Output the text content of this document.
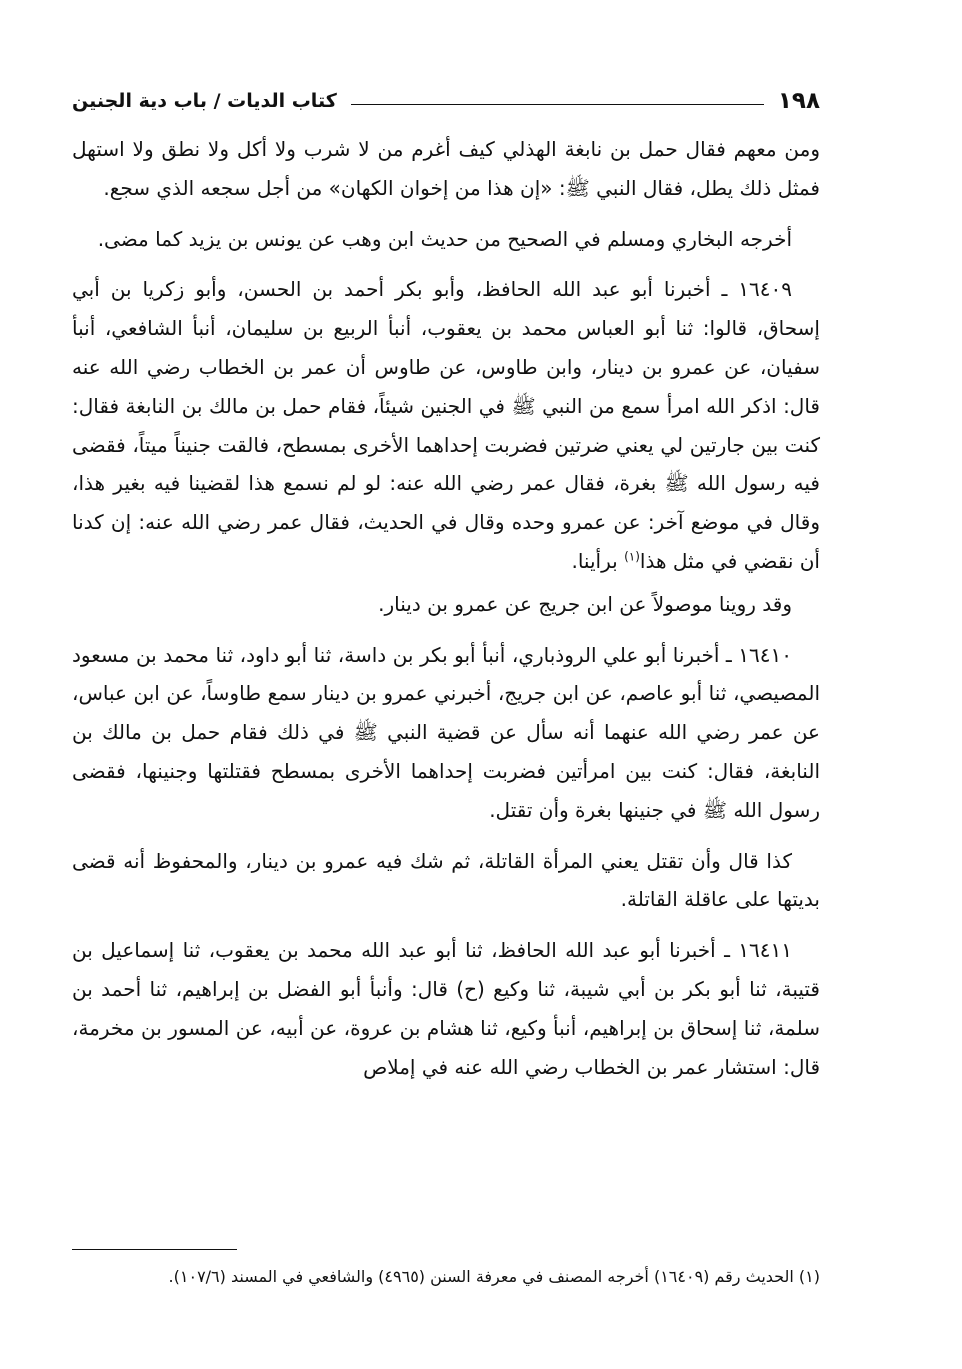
١٩٨
كتاب الديات / باب دية الجنين

ومن معهم فقال حمل بن نابغة الهذلي كيف أغرم من لا شرب ولا أكل ولا نطق ولا استهل فمثل ذلك يطل، فقال النبي ﷺ: «إن هذا من إخوان الكهان» من أجل سجعه الذي سجع.

أخرجه البخاري ومسلم في الصحيح من حديث ابن وهب عن يونس بن يزيد كما مضى.

١٦٤٠٩ ـ أخبرنا أبو عبد الله الحافظ، وأبو بكر أحمد بن الحسن، وأبو زكريا بن أبي إسحاق، قالوا: ثنا أبو العباس محمد بن يعقوب، أنبأ الربيع بن سليمان، أنبأ الشافعي، أنبأ سفيان، عن عمرو بن دينار، وابن طاوس، عن طاوس أن عمر بن الخطاب رضي الله عنه قال: اذكر الله امرأ سمع من النبي ﷺ في الجنين شيئاً، فقام حمل بن مالك بن النابغة فقال: كنت بين جارتين لي يعني ضرتين فضربت إحداهما الأخرى بمسطح، فالقت جنيناً ميتاً، فقضى فيه رسول الله ﷺ بغرة، فقال عمر رضي الله عنه: لو لم نسمع هذا لقضينا فيه بغير هذا، وقال في موضع آخر: عن عمرو وحده وقال في الحديث، فقال عمر رضي الله عنه: إن كدنا أن نقضي في مثل هذا$^{(١)}$ برأينا.

وقد روينا موصولاً عن ابن جريج عن عمرو بن دينار.

١٦٤١٠ ـ أخبرنا أبو علي الروذباري، أنبأ أبو بكر بن داسة، ثنا أبو داود، ثنا محمد بن مسعود المصيصي، ثنا أبو عاصم، عن ابن جريج، أخبرني عمرو بن دينار سمع طاوساً، عن ابن عباس، عن عمر رضي الله عنهما أنه سأل عن قضية النبي ﷺ في ذلك فقام حمل بن مالك بن النابغة، فقال: كنت بين امرأتين فضربت إحداهما الأخرى بمسطح فقتلتها وجنينها، فقضى رسول الله ﷺ في جنينها بغرة وأن تقتل.

كذا قال وأن تقتل يعني المرأة القاتلة، ثم شك فيه عمرو بن دينار، والمحفوظ أنه قضى بديتها على عاقلة القاتلة.

١٦٤١١ ـ أخبرنا أبو عبد الله الحافظ، ثنا أبو عبد الله محمد بن يعقوب، ثنا إسماعيل بن قتيبة، ثنا أبو بكر بن أبي شيبة، ثنا وكيع (ح) قال: وأنبأ أبو الفضل بن إبراهيم، ثنا أحمد بن سلمة، ثنا إسحاق بن إبراهيم، أنبأ وكيع، ثنا هشام بن عروة، عن أبيه، عن المسور بن مخرمة، قال: استشار عمر بن الخطاب رضي الله عنه في إملاص

(١) الحديث رقم (١٦٤٠٩) أخرجه المصنف في معرفة السنن (٤٩٦٥) والشافعي في المسند (١٠٧/٦).
